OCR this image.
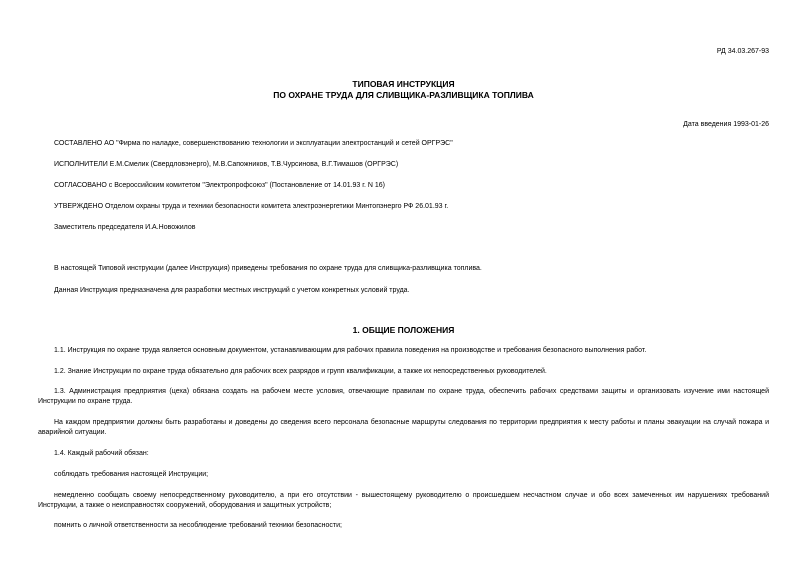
РД 34.03.267-93

ТИПОВАЯ ИНСТРУКЦИЯ

ПО ОХРАНЕ ТРУДА ДЛЯ СЛИВЩИКА-РАЗЛИВЩИКА ТОПЛИВА

Дата введения 1993-01-26

СОСТАВЛЕНО АО "Фирма по наладке, совершенствованию технологии и эксплуатации электростанций и сетей ОРГРЭС"

ИСПОЛНИТЕЛИ Е.М.Смелик (Свердловэнерго), М.В.Сапожников, Т.В.Чурсинова, В.Г.Тимашов (ОРГРЭС)

СОГЛАСОВАНО с Всероссийским комитетом "Электропрофсоюз" (Постановление от 14.01.93 г. N 16)

УТВЕРЖДЕНО Отделом охраны труда и техники безопасности комитета электроэнергетики Минтопэнерго РФ 26.01.93 г.

Заместитель председателя И.А.Новожилов

В настоящей Типовой инструкции (далее Инструкция) приведены требования по охране труда для сливщика-разливщика топлива.

Данная Инструкция предназначена для разработки местных инструкций с учетом конкретных условий труда.

1. ОБЩИЕ ПОЛОЖЕНИЯ

1.1. Инструкция по охране труда является основным документом, устанавливающим для рабочих правила поведения на производстве и требования безопасного выполнения работ.

1.2. Знание Инструкции по охране труда обязательно для рабочих всех разрядов и групп квалификации, а также их непосредственных руководителей.

1.3. Администрация предприятия (цеха) обязана создать на рабочем месте условия, отвечающие правилам по охране труда, обеспечить рабочих средствами защиты и организовать изучение ими настоящей Инструкции по охране труда.

На каждом предприятии должны быть разработаны и доведены до сведения всего персонала безопасные маршруты следования по территории предприятия к месту работы и планы эвакуации на случай пожара и аварийной ситуации.

1.4. Каждый рабочий обязан:

соблюдать требования настоящей Инструкции;

немедленно сообщать своему непосредственному руководителю, а при его отсутствии - вышестоящему руководителю о происшедшем несчастном случае и обо всех замеченных им нарушениях требований Инструкции, а также о неисправностях сооружений, оборудования и защитных устройств;

помнить о личной ответственности за несоблюдение требований техники безопасности;
